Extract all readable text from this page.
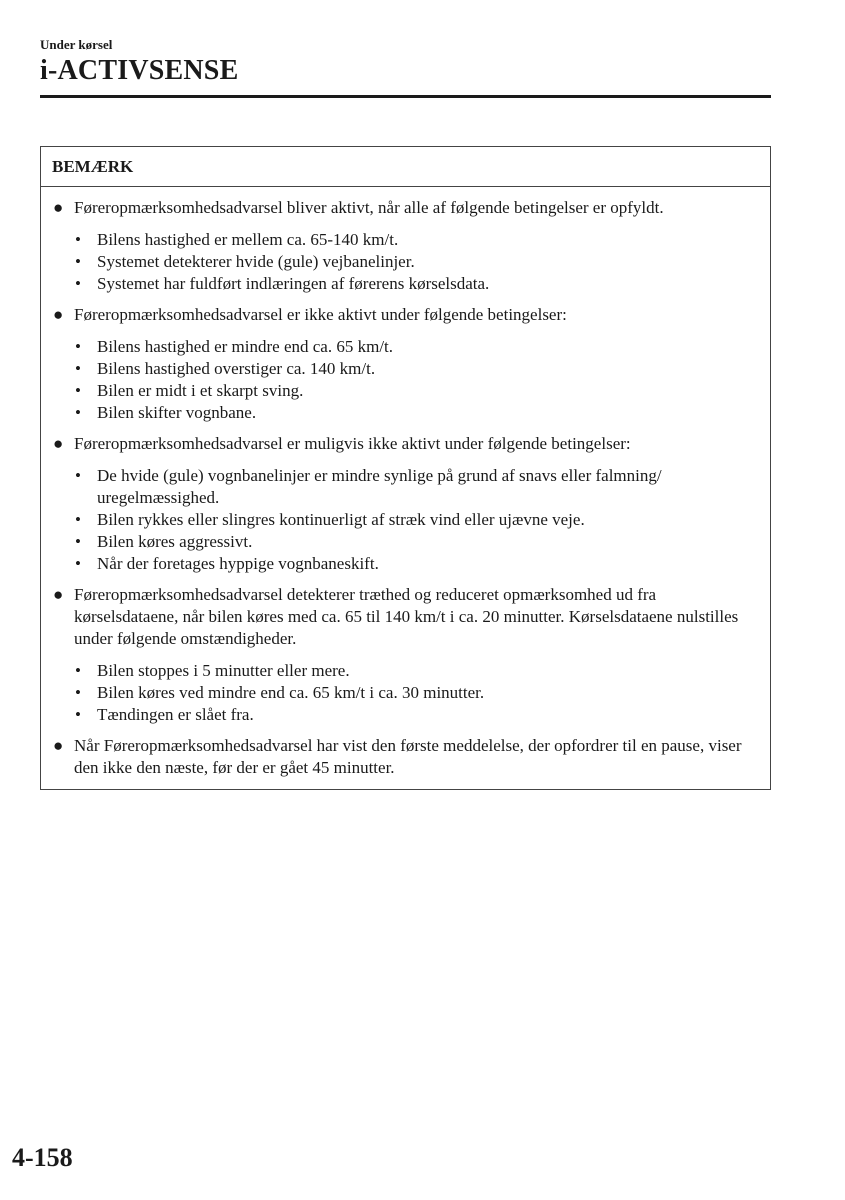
Under kørsel
i-ACTIVSENSE
BEMÆRK
● Føreropmærksomhedsadvarsel bliver aktivt, når alle af følgende betingelser er opfyldt.
• Bilens hastighed er mellem ca. 65-140 km/t.
• Systemet detekterer hvide (gule) vejbanelinjer.
• Systemet har fuldført indlæringen af førerens kørselsdata.
● Føreropmærksomhedsadvarsel er ikke aktivt under følgende betingelser:
• Bilens hastighed er mindre end ca. 65 km/t.
• Bilens hastighed overstiger ca. 140 km/t.
• Bilen er midt i et skarpt sving.
• Bilen skifter vognbane.
● Føreropmærksomhedsadvarsel er muligvis ikke aktivt under følgende betingelser:
• De hvide (gule) vognbanelinjer er mindre synlige på grund af snavs eller falmning/ uregelmæssighed.
• Bilen rykkes eller slingres kontinuerligt af stræk vind eller ujævne veje.
• Bilen køres aggressivt.
• Når der foretages hyppige vognbaneskift.
● Føreropmærksomhedsadvarsel detekterer træthed og reduceret opmærksomhed ud fra kørselsdataene, når bilen køres med ca. 65 til 140 km/t i ca. 20 minutter. Kørselsdataene nulstilles under følgende omstændigheder.
• Bilen stoppes i 5 minutter eller mere.
• Bilen køres ved mindre end ca. 65 km/t i ca. 30 minutter.
• Tændingen er slået fra.
● Når Føreropmærksomhedsadvarsel har vist den første meddelelse, der opfordrer til en pause, viser den ikke den næste, før der er gået 45 minutter.
4-158
